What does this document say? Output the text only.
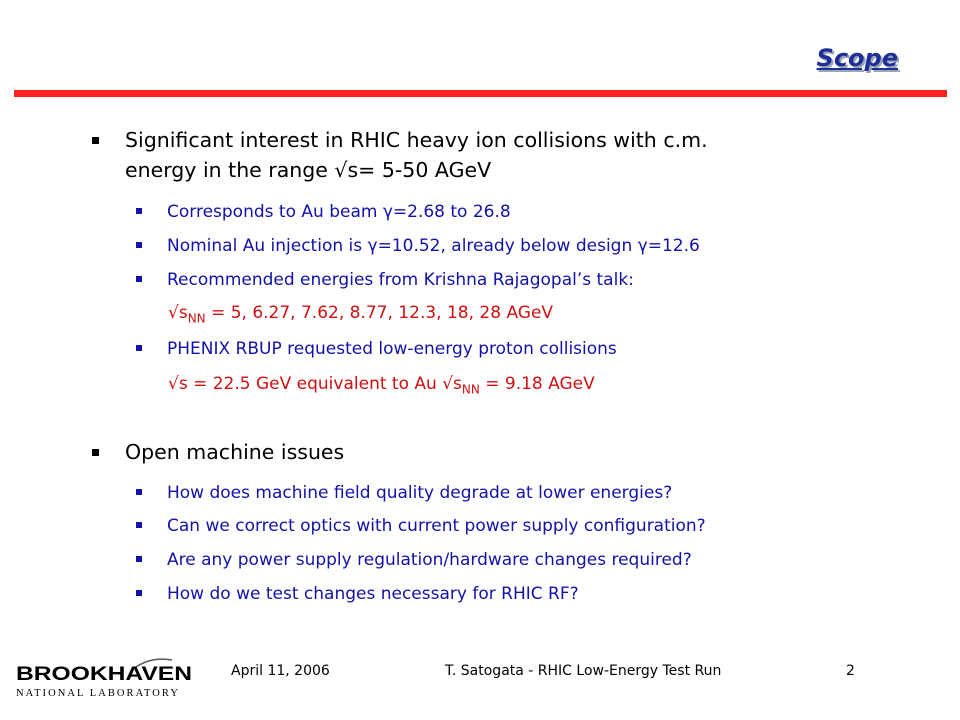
Scope
Significant interest in RHIC heavy ion collisions with c.m.
energy in the range √s= 5-50 AGeV
Corresponds to Au beam γ=2.68 to 26.8
Nominal Au injection is γ=10.52, already below design γ=12.6
Recommended energies from Krishna Rajagopal’s talk:
$√s_{NN} = 5$, 6.27, 7.62, 8.77, 12.3, 18, 28 AGeV
PHENIX RBUP requested low-energy proton collisions
√s = 22.5 GeV equivalent to Au $√s_{NN} = 9.18$ AGeV
Open machine issues
How does machine field quality degrade at lower energies?
Can we correct optics with current power supply configuration?
Are any power supply regulation/hardware changes required?
How do we test changes necessary for RHIC RF?
BROOKHAVEN
NATIONAL LABORATORY
April 11, 2006	T. Satogata - RHIC Low-Energy Test Run	2
